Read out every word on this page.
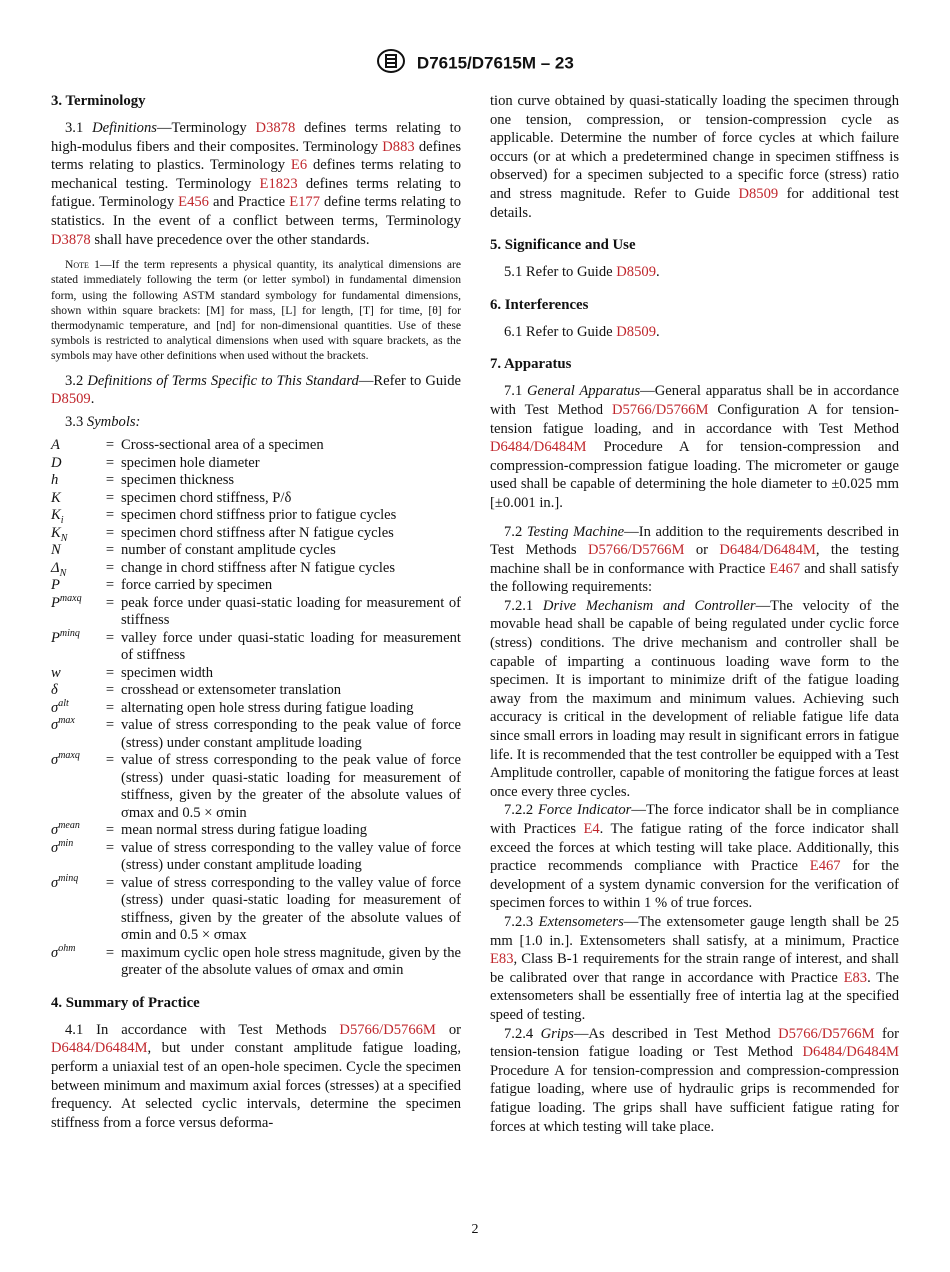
D7615/D7615M – 23
3. Terminology

3.1 Definitions—Terminology D3878 defines terms relating to high-modulus fibers and their composites. Terminology D883 defines terms relating to plastics. Terminology E6 defines terms relating to mechanical testing. Terminology E1823 defines terms relating to fatigue. Terminology E456 and Practice E177 define terms relating to statistics. In the event of a conflict between terms, Terminology D3878 shall have precedence over the other standards.

Note 1—If the term represents a physical quantity, its analytical dimensions are stated immediately following the term (or letter symbol) in fundamental dimension form, using the following ASTM standard symbology for fundamental dimensions, shown within square brackets: [M] for mass, [L] for length, [T] for time, [θ] for thermodynamic temperature, and [nd] for non-dimensional quantities. Use of these symbols is restricted to analytical dimensions when used with square brackets, as the symbols may have other definitions when used without the brackets.

3.2 Definitions of Terms Specific to This Standard—Refer to Guide D8509.

3.3 Symbols:

A	=	Cross-sectional area of a specimen
D	=	specimen hole diameter
h	=	specimen thickness
K	=	specimen chord stiffness, P/δ
$K_i$	=	specimen chord stiffness prior to fatigue cycles
$K_N$	=	specimen chord stiffness after N fatigue cycles
N	=	number of constant amplitude cycles
$\Delta_N$	=	change in chord stiffness after N fatigue cycles
P	=	force carried by specimen
$P^{maxq}$	=	peak force under quasi-static loading for measurement of stiffness
$P^{minq}$	=	valley force under quasi-static loading for measurement of stiffness
w	=	specimen width
δ	=	crosshead or extensometer translation
$\sigma^{alt}$	=	alternating open hole stress during fatigue loading
$\sigma^{max}$	=	value of stress corresponding to the peak value of force (stress) under constant amplitude loading
$\sigma^{maxq}$	=	value of stress corresponding to the peak value of force (stress) under quasi-static loading for measurement of stiffness, given by the greater of the absolute values of σmax and 0.5 × σmin
$\sigma^{mean}$	=	mean normal stress during fatigue loading
$\sigma^{min}$	=	value of stress corresponding to the valley value of force (stress) under constant amplitude loading
$\sigma^{minq}$	=	value of stress corresponding to the valley value of force (stress) under quasi-static loading for measurement of stiffness, given by the greater of the absolute values of σmin and 0.5 × σmax
$\sigma^{ohm}$	=	maximum cyclic open hole stress magnitude, given by the greater of the absolute values of σmax and σmin
4. Summary of Practice

4.1 In accordance with Test Methods D5766/D5766M or D6484/D6484M, but under constant amplitude fatigue loading, perform a uniaxial test of an open-hole specimen. Cycle the specimen between minimum and maximum axial forces (stresses) at a specified frequency. At selected cyclic intervals, determine the specimen stiffness from a force versus deforma-

tion curve obtained by quasi-statically loading the specimen through one tension, compression, or tension-compression cycle as applicable. Determine the number of force cycles at which failure occurs (or at which a predetermined change in specimen stiffness is observed) for a specimen subjected to a specific force (stress) ratio and stress magnitude. Refer to Guide D8509 for additional test details.

5. Significance and Use

5.1 Refer to Guide D8509.

6. Interferences

6.1 Refer to Guide D8509.

7. Apparatus

7.1 General Apparatus—General apparatus shall be in accordance with Test Method D5766/D5766M Configuration A for tension-tension fatigue loading, and in accordance with Test Method D6484/D6484M Procedure A for tension-compression and compression-compression fatigue loading. The micrometer or gauge used shall be capable of determining the hole diameter to ±0.025 mm [±0.001 in.].

7.2 Testing Machine—In addition to the requirements described in Test Methods D5766/D5766M or D6484/D6484M, the testing machine shall be in conformance with Practice E467 and shall satisfy the following requirements:

7.2.1 Drive Mechanism and Controller—The velocity of the movable head shall be capable of being regulated under cyclic force (stress) conditions. The drive mechanism and controller shall be capable of imparting a continuous loading wave form to the specimen. It is important to minimize drift of the fatigue loading away from the maximum and minimum values. Achieving such accuracy is critical in the development of reliable fatigue life data since small errors in loading may result in significant errors in fatigue life. It is recommended that the test controller be equipped with a Test Amplitude controller, capable of monitoring the fatigue forces at least once every three cycles.

7.2.2 Force Indicator—The force indicator shall be in compliance with Practices E4. The fatigue rating of the force indicator shall exceed the forces at which testing will take place. Additionally, this practice recommends compliance with Practice E467 for the development of a system dynamic conversion for the verification of specimen forces to within 1 % of true forces.

7.2.3 Extensometers—The extensometer gauge length shall be 25 mm [1.0 in.]. Extensometers shall satisfy, at a minimum, Practice E83, Class B-1 requirements for the strain range of interest, and shall be calibrated over that range in accordance with Practice E83. The extensometers shall be essentially free of intertia lag at the specified speed of testing.

7.2.4 Grips—As described in Test Method D5766/D5766M for tension-tension fatigue loading or Test Method D6484/D6484M Procedure A for tension-compression and compression-compression fatigue loading, where use of hydraulic grips is recommended for fatigue loading. The grips shall have sufficient fatigue rating for forces at which testing will take place.

2
